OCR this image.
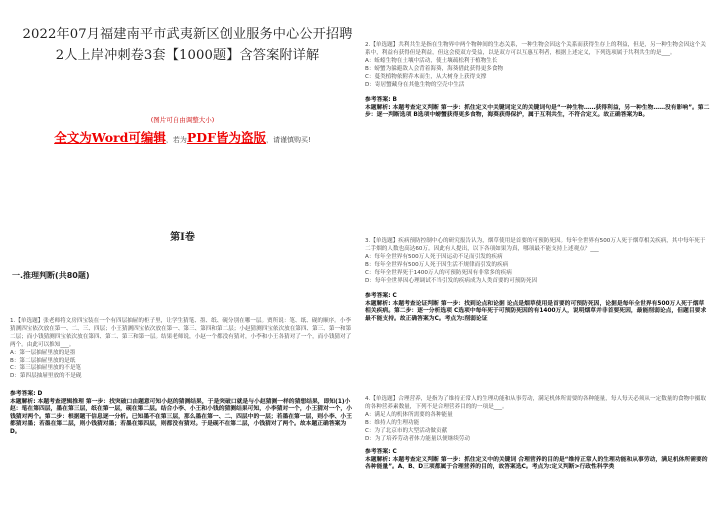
2022年07月福建南平市武夷新区创业服务中心公开招聘2人上岸冲刺卷3套【1000题】含答案附详解
(图片可自由调整大小)
全文为Word可编辑，若为PDF皆为盗版，请谨慎购买!
第I卷
一.推理判断(共80题)
1.【单选题】张老师将文房四宝装在一个有四层抽屉的柜子里，让学生猜笔、墨、纸、砚分别在哪一层。贾所说：笔、纸、砚的顺序。小李猜测四宝依次放在第一、二、三、四层；小王猜测四宝依次放在第一、第三、第四和第二层；小赵猜测四宝依次放在第四、第三、第一和第二层；而小钱猜测四宝依次放在第四、第二、第三和第一层。结果老师说，小赵一个都没有猜对，小李和小王各猜对了一个，而小钱猜对了两个。由此可以推知___。
A：第一层抽屉里放的是墨
B：第二层抽屉里放的是纸
C：第三层抽屉里放的不是笔
D：第四层抽屉里放的不是砚
参考答案: D
本题解析: 本题考查逻辑推理 第一步：找突破口由题意可知小赵的猜测结果，于是突破口就是与小赵猜测一样的猜想结果，即知(1)小赵：笔在第四层，墨在第三层，纸在第一层，砚在第二层。结合小李、小王和小钱的猜测结果可知，小李猜对一个，小王猜对一个，小钱猜对两个。第二步：根据题干信息逐一分析。已知墨不在第三层，那么墨在第一、二、四层中的一层；若墨在第一层，则小李、小王都猜对墨；若墨在第二层，则小钱猜对墨；若墨在第四层，则都没有猜对。于是砚不在第二层，小钱猜对了两个。故本题正确答案为D。
2.【单选题】共利共生是指在生物界中两个物种间的生态关系，一种生物会因这个关系而获得生存上的利益，但是，另一种生物会因这个关系中，利益有获得但是利益，但这会使双方受益，以是双方可以互惠互利者，根据上述定义，下列选项属于共利共生的是___。
A：蚯蚓生物在土壤中活动，使土壤疏松利于植物生长
B：螃蟹为躲避敌人会背着海葵，海葵借此获得更多食物
C：蔓类植物依附乔木而生，从大树身上获得支撑
D：寄居蟹藏身在其他生物的空壳中生活
参考答案: B
本题解析: 本题考查定义判断 第一步：抓住定义中关键词定义的关键词句是“一种生物……获得利益，另一种生物……没有影响”。第二步：逐一判断选项 B选项中螃蟹获得更多食物，海葵获得保护，属于互利共生，不符合定义。故正确答案为B。
3.【单选题】疾病预防控制中心的研究报告认为，烟草使用是首要的可预防死因。每年全世界有500万人死于烟草相关疾病，其中每年死于二手烟的人数也高达60万。因此有人提出，以下各项如果为真，哪项最不能支持上述观点？___
A：每年全世界有500万人死于因运动不足而引发的疾病
B：每年全世界有500万人死于因生活不规律而引发的疾病
C：每年全世界死于1400万人的可预防死因有非常多的疾病
D：每年全世界因心理调试不当引发的疾病成为人类首要的可预防死因
参考答案: C
本题解析: 本题考查论证判断 第一步：找到论点和论据 论点是烟草使用是首要的可预防死因，论据是每年全世界有500万人死于烟草相关疾病。第二步：逐一分析选项 C选项中每年死于可预防死因的有1400万人，说明烟草并非首要死因，最能削弱论点，但题目要求最不能支持。故正确答案为C。考点为:削弱论证
4.【单选题】合理营养，是指为了维持正常人的生理功能和从事劳动，满足机体所需要的各种能量，每人每天必须从一定数量的食物中摄取的各种营养素数量，下列不是合理营养目的的一项是___。
A：满足人的机体所需要的各种能量
B：维持人的生理功能
C：为了北京市的大型活动做贡献
D：为了培养劳动者体力能量以便继续劳动
参考答案: C
本题解析: 本题考查定义判断 第一步：抓住定义中的关键词 合理营养的目的是“维持正常人的生理功能和从事劳动，满足机体所需要的各种能量”。A、B、D三项都属于合理营养的目的，故答案选C。考点为:定义判断>行政性科学类
